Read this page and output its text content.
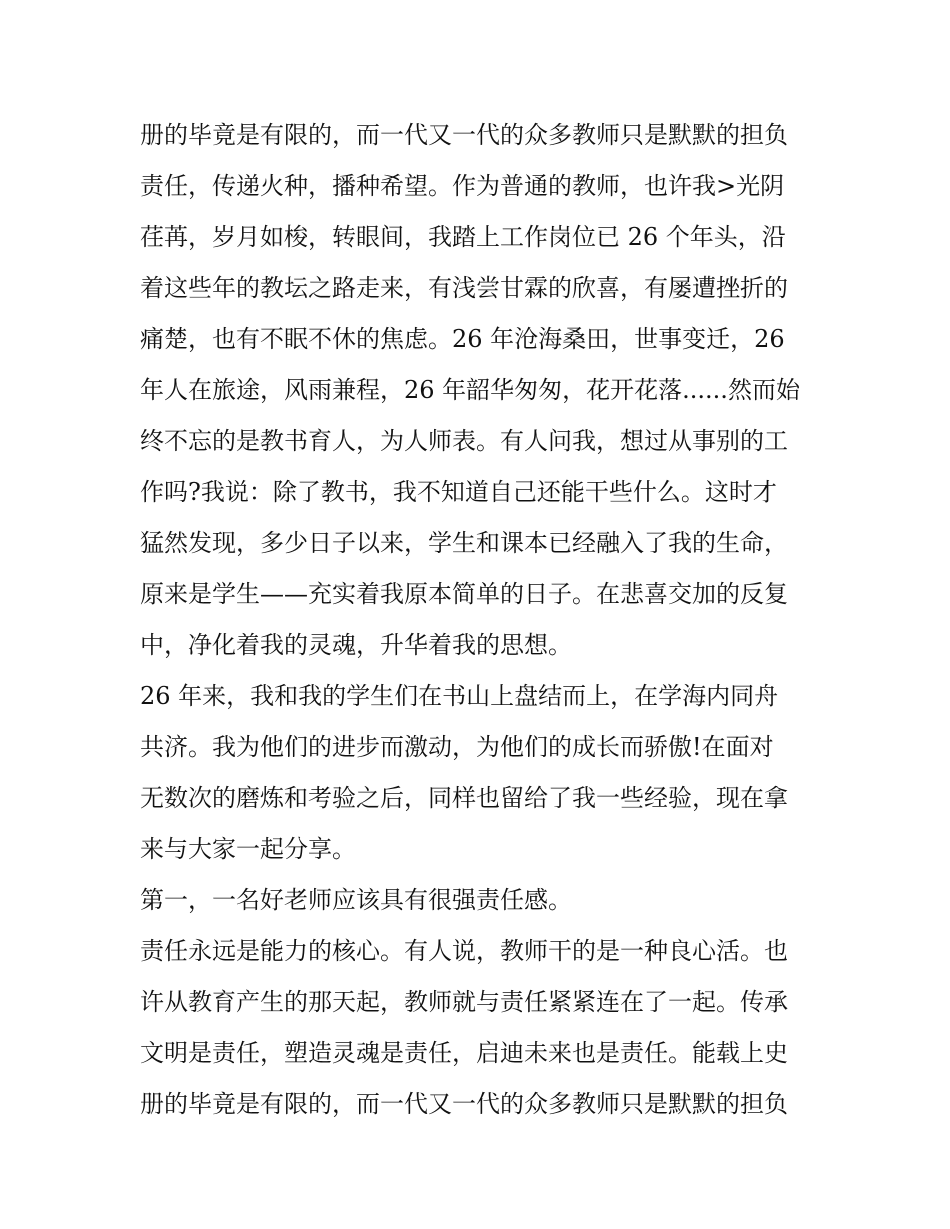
册的毕竟是有限的，而一代又一代的众多教师只是默默的担负
责任，传递火种，播种希望。作为普通的教师，也许我>光阴
荏苒，岁月如梭，转眼间，我踏上工作岗位已 26 个年头，沿
着这些年的教坛之路走来，有浅尝甘霖的欣喜，有屡遭挫折的
痛楚，也有不眠不休的焦虑。26 年沧海桑田，世事变迁，26
年人在旅途，风雨兼程，26 年韶华匆匆，花开花落......然而始
终不忘的是教书育人，为人师表。有人问我，想过从事别的工
作吗?我说：除了教书，我不知道自己还能干些什么。这时才
猛然发现，多少日子以来，学生和课本已经融入了我的生命，
原来是学生——充实着我原本简单的日子。在悲喜交加的反复
中，净化着我的灵魂，升华着我的思想。
26 年来，我和我的学生们在书山上盘结而上，在学海内同舟
共济。我为他们的进步而激动，为他们的成长而骄傲!在面对
无数次的磨炼和考验之后，同样也留给了我一些经验，现在拿
来与大家一起分享。
第一，一名好老师应该具有很强责任感。
责任永远是能力的核心。有人说，教师干的是一种良心活。也
许从教育产生的那天起，教师就与责任紧紧连在了一起。传承
文明是责任，塑造灵魂是责任，启迪未来也是责任。能载上史
册的毕竟是有限的，而一代又一代的众多教师只是默默的担负
